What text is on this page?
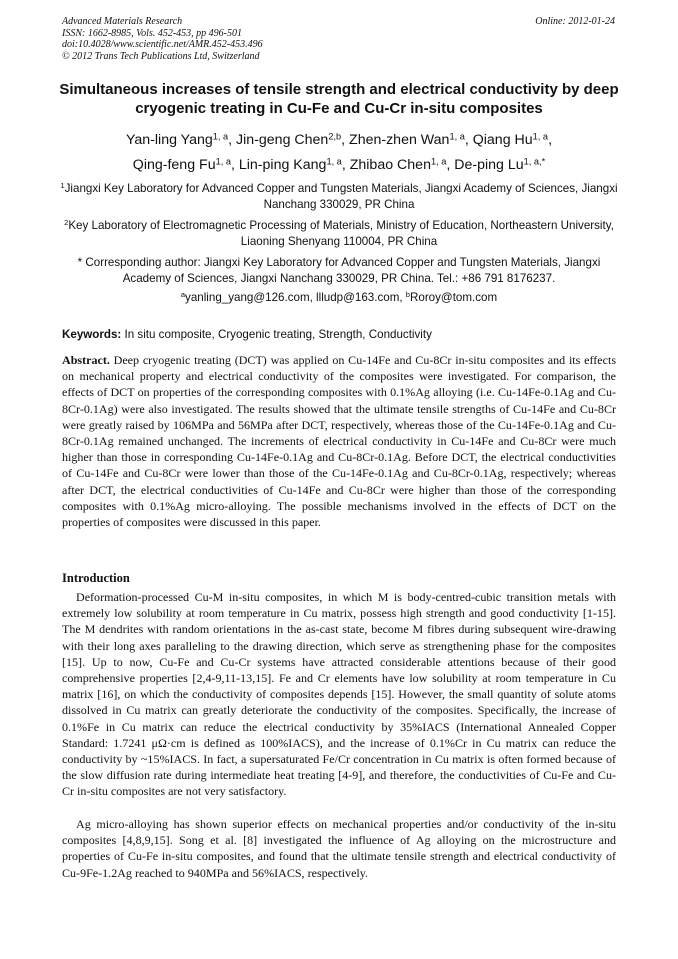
Advanced Materials Research
ISSN: 1662-8985, Vols. 452-453, pp 496-501
doi:10.4028/www.scientific.net/AMR.452-453.496
© 2012 Trans Tech Publications Ltd, Switzerland
Online: 2012-01-24
Simultaneous increases of tensile strength and electrical conductivity by deep cryogenic treating in Cu-Fe and Cu-Cr in-situ composites
Yan-ling Yang$^{1, a}$, Jin-geng Chen$^{2,b}$, Zhen-zhen Wan$^{1, a}$, Qiang Hu$^{1, a}$,
Qing-feng Fu$^{1, a}$, Lin-ping Kang$^{1, a}$, Zhibao Chen$^{1, a}$, De-ping $Lu^{1, a,*}$
$^1$Jiangxi Key Laboratory for Advanced Copper and Tungsten Materials, Jiangxi Academy of Sciences, Jiangxi Nanchang 330029, PR China
$^2$Key Laboratory of Electromagnetic Processing of Materials, Ministry of Education, Northeastern University, Liaoning Shenyang 110004, PR China
* Corresponding author: Jiangxi Key Laboratory for Advanced Copper and Tungsten Materials, Jiangxi Academy of Sciences, Jiangxi Nanchang 330029, PR China. Tel.: +86 791 8176237.
$^a$yanling_yang@126.com, llludp@163.com, $^b$Roroy@tom.com
Keywords: In situ composite, Cryogenic treating, Strength, Conductivity
Abstract. Deep cryogenic treating (DCT) was applied on Cu-14Fe and Cu-8Cr in-situ composites and its effects on mechanical property and electrical conductivity of the composites were investigated. For comparison, the effects of DCT on properties of the corresponding composites with 0.1%Ag alloying (i.e. Cu-14Fe-0.1Ag and Cu-8Cr-0.1Ag) were also investigated. The results showed that the ultimate tensile strengths of Cu-14Fe and Cu-8Cr were greatly raised by 106MPa and 56MPa after DCT, respectively, whereas those of the Cu-14Fe-0.1Ag and Cu-8Cr-0.1Ag remained unchanged. The increments of electrical conductivity in Cu-14Fe and Cu-8Cr were much higher than those in corresponding Cu-14Fe-0.1Ag and Cu-8Cr-0.1Ag. Before DCT, the electrical conductivities of Cu-14Fe and Cu-8Cr were lower than those of the Cu-14Fe-0.1Ag and Cu-8Cr-0.1Ag, respectively; whereas after DCT, the electrical conductivities of Cu-14Fe and Cu-8Cr were higher than those of the corresponding composites with 0.1%Ag micro-alloying. The possible mechanisms involved in the effects of DCT on the properties of composites were discussed in this paper.
Introduction
Deformation-processed Cu-M in-situ composites, in which M is body-centred-cubic transition metals with extremely low solubility at room temperature in Cu matrix, possess high strength and good conductivity [1-15]. The M dendrites with random orientations in the as-cast state, become M fibres during subsequent wire-drawing with their long axes paralleling to the drawing direction, which serve as strengthening phase for the composites [15]. Up to now, Cu-Fe and Cu-Cr systems have attracted considerable attentions because of their good comprehensive properties [2,4-9,11-13,15]. Fe and Cr elements have low solubility at room temperature in Cu matrix [16], on which the conductivity of composites depends [15]. However, the small quantity of solute atoms dissolved in Cu matrix can greatly deteriorate the conductivity of the composites. Specifically, the increase of 0.1%Fe in Cu matrix can reduce the electrical conductivity by 35%IACS (International Annealed Copper Standard: 1.7241 μΩ·cm is defined as 100%IACS), and the increase of 0.1%Cr in Cu matrix can reduce the conductivity by ~15%IACS. In fact, a supersaturated Fe/Cr concentration in Cu matrix is often formed because of the slow diffusion rate during intermediate heat treating [4-9], and therefore, the conductivities of Cu-Fe and Cu-Cr in-situ composites are not very satisfactory.
Ag micro-alloying has shown superior effects on mechanical properties and/or conductivity of the in-situ composites [4,8,9,15]. Song et al. [8] investigated the influence of Ag alloying on the microstructure and properties of Cu-Fe in-situ composites, and found that the ultimate tensile strength and electrical conductivity of Cu-9Fe-1.2Ag reached to 940MPa and 56%IACS, respectively.
